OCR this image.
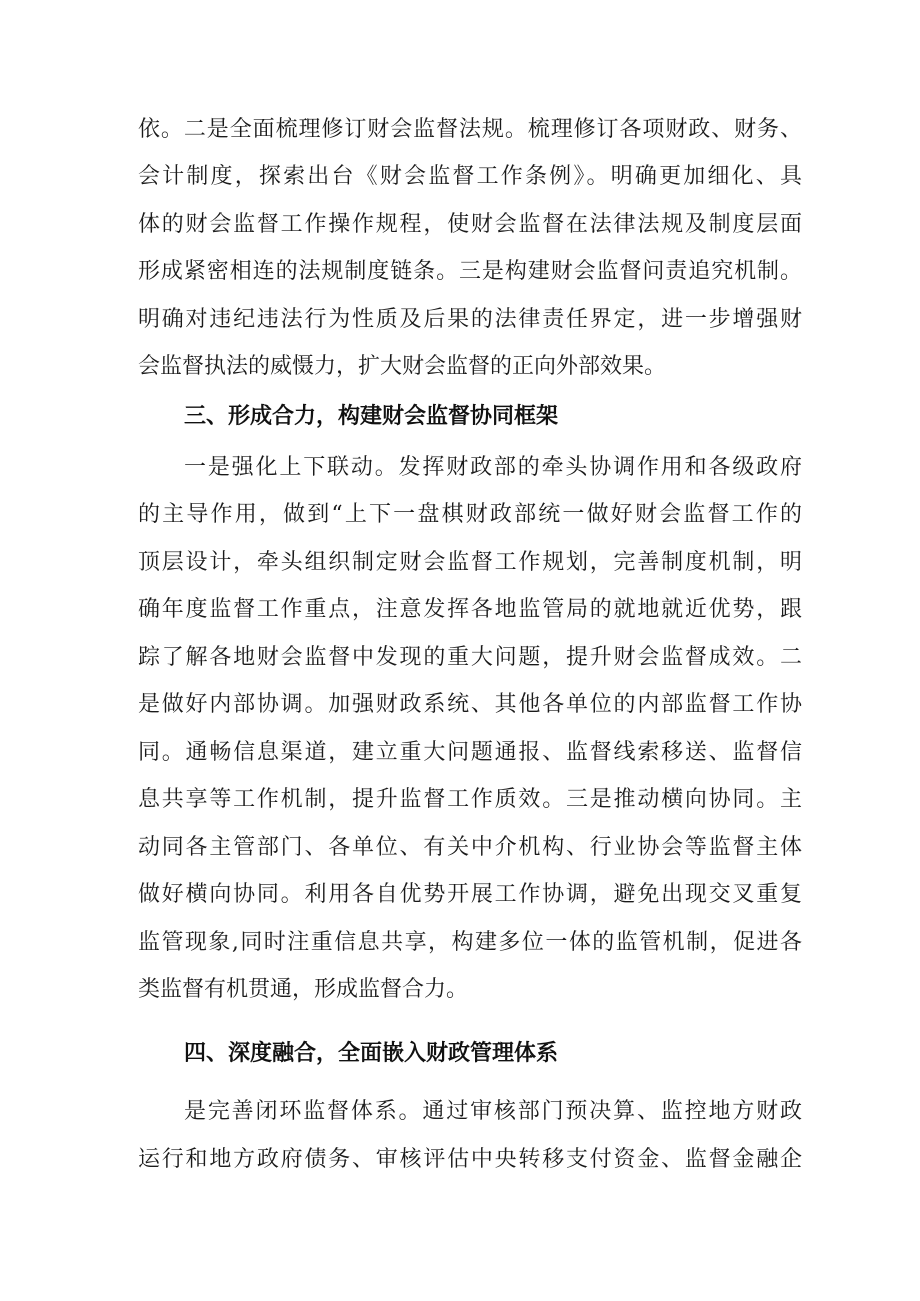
依。二是全面梳理修订财会监督法规。梳理修订各项财政、财务、
会计制度，探索出台《财会监督工作条例》。明确更加细化、具
体的财会监督工作操作规程，使财会监督在法律法规及制度层面
形成紧密相连的法规制度链条。三是构建财会监督问责追究机制。
明确对违纪违法行为性质及后果的法律责任界定，进一步增强财
会监督执法的威慑力，扩大财会监督的正向外部效果。
三、形成合力，构建财会监督协同框架
一是强化上下联动。发挥财政部的牵头协调作用和各级政府
的主导作用，做到“上下一盘棋财政部统一做好财会监督工作的
顶层设计，牵头组织制定财会监督工作规划，完善制度机制，明
确年度监督工作重点，注意发挥各地监管局的就地就近优势，跟
踪了解各地财会监督中发现的重大问题，提升财会监督成效。二
是做好内部协调。加强财政系统、其他各单位的内部监督工作协
同。通畅信息渠道，建立重大问题通报、监督线索移送、监督信
息共享等工作机制，提升监督工作质效。三是推动横向协同。主
动同各主管部门、各单位、有关中介机构、行业协会等监督主体
做好横向协同。利用各自优势开展工作协调，避免出现交叉重复
监管现象,同时注重信息共享，构建多位一体的监管机制，促进各
类监督有机贯通，形成监督合力。
四、深度融合，全面嵌入财政管理体系
是完善闭环监督体系。通过审核部门预决算、监控地方财政
运行和地方政府债务、审核评估中央转移支付资金、监督金融企
